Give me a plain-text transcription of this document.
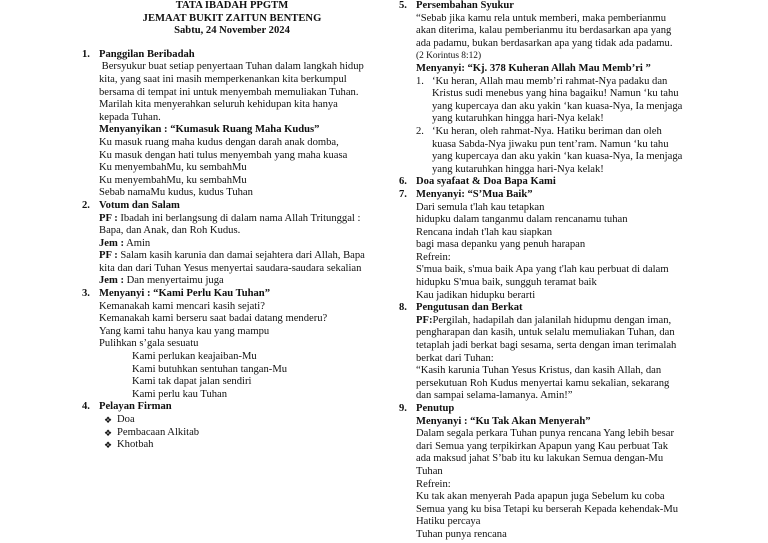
TATA IBADAH PPGTM
JEMAAT BUKIT ZAITUN BENTENG
Sabtu, 24 November 2024
1. Panggilan Beribadah
Bersyukur buat setiap penyertaan Tuhan dalam langkah hidup
kita, yang saat ini masih memperkenankan kita berkumpul
bersama di tempat ini untuk menyembah memuliakan Tuhan.
Marilah kita menyerahkan seluruh kehidupan kita hanya
kepada Tuhan.
Menyanyikan : “Kumasuk Ruang Maha Kudus”
Ku masuk ruang maha kudus dengan darah anak domba,
Ku masuk dengan hati tulus menyembah yang maha kuasa
Ku menyembahMu, ku sembahMu
Ku menyembahMu, ku sembahMu
Sebab namaMu kudus, kudus Tuhan
2. Votum dan Salam
PF : Ibadah ini berlangsung di dalam nama Allah Tritunggal :
Bapa, dan Anak, dan Roh Kudus.
Jem : Amin
PF : Salam kasih karunia dan damai sejahtera dari Allah, Bapa
kita dan dari Tuhan Yesus menyertai saudara-saudara sekalian
Jem : Dan menyertaimu juga
3. Menyanyi : “Kami Perlu Kau Tuhan”
Kemanakah kami mencari kasih sejati?
Kemanakah kami berseru saat badai datang menderu?
Yang kami tahu hanya kau yang mampu
Pulihkan s’gala sesuatu
Kami perlukan keajaiban-Mu
Kami butuhkan sentuhan tangan-Mu
Kami tak dapat jalan sendiri
Kami perlu kau Tuhan
4. Pelayan Firman
❖ Doa
❖ Pembacaan Alkitab
❖ Khotbah
5. Persembahan Syukur
“Sebab jika kamu rela untuk memberi, maka pemberianmu
akan diterima, kalau pemberianmu itu berdasarkan apa yang
ada padamu, bukan berdasarkan apa yang tidak ada padamu.
(2 Korintus 8:12)
Menyanyi: “Kj. 378 Kuheran Allah Mau Memb’ri ”
1. ‘Ku heran, Allah mau memb’ri rahmat-Nya padaku dan
Kristus sudi menebus yang hina bagaiku! Namun ‘ku tahu
yang kupercaya dan aku yakin ‘kan kuasa-Nya, Ia menjaga
yang kutaruhkan hingga hari-Nya kelak!
2. ‘Ku heran, oleh rahmat-Nya. Hatiku beriman dan oleh
kuasa Sabda-Nya jiwaku pun tent’ram. Namun ‘ku tahu
yang kupercaya dan aku yakin ‘kan kuasa-Nya, Ia menjaga
yang kutaruhkan hingga hari-Nya kelak!
6. Doa syafaat & Doa Bapa Kami
7. Menyanyi: “S’Mua Baik”
Dari semula t'lah kau tetapkan
hidupku dalam tanganmu dalam rencanamu tuhan
Rencana indah t'lah kau siapkan
bagi masa depanku yang penuh harapan
Refrein:
S'mua baik, s'mua baik Apa yang t'lah kau perbuat di dalam
hidupku S'mua baik, sungguh teramat baik
Kau jadikan hidupku berarti
8. Pengutusan dan Berkat
PF:Pergilah, hadapilah dan jalanilah hidupmu dengan iman,
pengharapan dan kasih, untuk selalu memuliakan Tuhan, dan
tetaplah jadi berkat bagi sesama, serta dengan iman terimalah
berkat dari Tuhan:
“Kasih karunia Tuhan Yesus Kristus, dan kasih Allah, dan
persekutuan Roh Kudus menyertai kamu sekalian, sekarang
dan sampai selama-lamanya. Amin!”
9. Penutup
Menyanyi : “Ku Tak Akan Menyerah”
Dalam segala perkara Tuhan punya rencana Yang lebih besar
dari Semua yang terpikirkan Apapun yang Kau perbuat Tak
ada maksud jahat S’bab itu ku lakukan Semua dengan-Mu
Tuhan
Refrein:
Ku tak akan menyerah Pada apapun juga Sebelum ku coba
Semua yang ku bisa Tetapi ku berserah Kepada kehendak-Mu
Hatiku percaya
Tuhan punya rencana
